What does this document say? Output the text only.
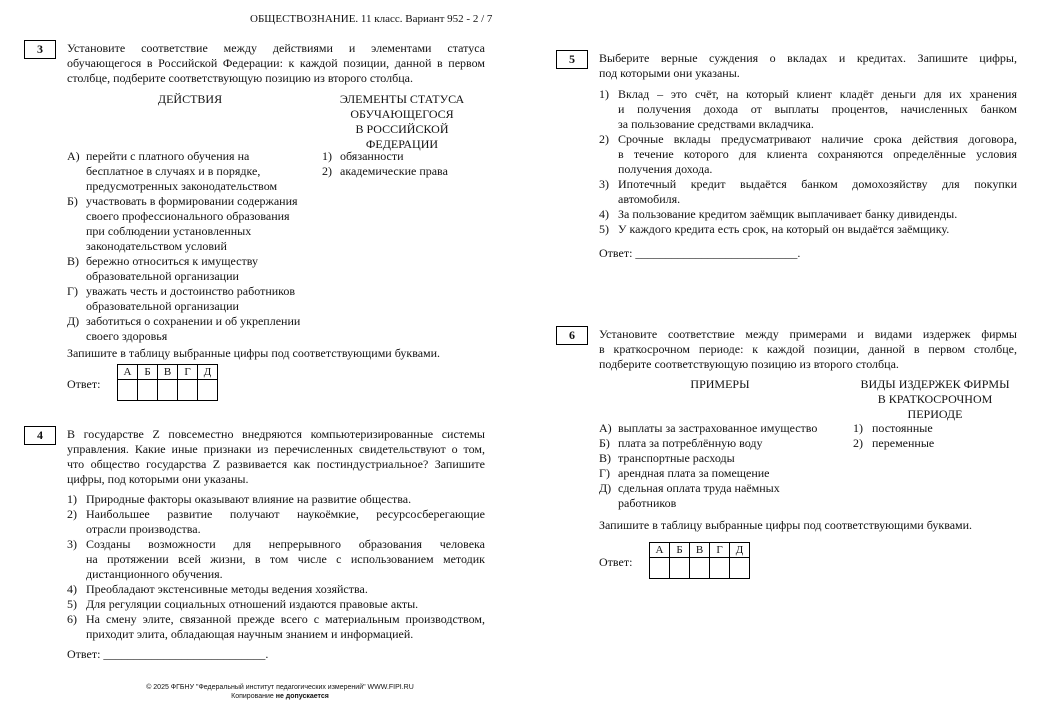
ОБЩЕСТВОЗНАНИЕ. 11 класс. Вариант 952 - 2 / 7
3	Установите соответствие между действиями и элементами статуса

обучающегося в Российской Федерации: к каждой позиции, данной в первом

столбце, подберите соответствующую позицию из второго столбца.

ДЕЙСТВИЯ	ЭЛЕМЕНТЫ СТАТУСА
ОБУЧАЮЩЕГОСЯ
В РОССИЙСКОЙ
ФЕДЕРАЦИИ
А) перейти с платного обучения на
бесплатное в случаях и в порядке,
предусмотренных законодательством
Б) участвовать в формировании содержания
своего профессионального образования
при соблюдении установленных
законодательством условий
В) бережно относиться к имуществу
образовательной организации
Г) уважать честь и достоинство работников
образовательной организации
Д) заботиться о сохранении и об укреплении
своего здоровья
1) обязанности
2) академические права
Запишите в таблицу выбранные цифры под соответствующими буквами.
Ответ:
А	Б	В	Г	Д

4	В государстве Z повсеместно внедряются компьютеризированные системы

управления. Какие иные признаки из перечисленных свидетельствуют о том,

что общество государства Z развивается как постиндустриальное? Запишите

цифры, под которыми они указаны.

1) Природные факторы оказывают влияние на развитие общества.
2) Наибольшее развитие получают наукоёмкие, ресурсосберегающие
отрасли производства.
3) Созданы возможности для непрерывного образования человека
на протяжении всей жизни, в том числе с использованием методик
дистанционного обучения.
4) Преобладают экстенсивные методы ведения хозяйства.
5) Для регуляции социальных отношений издаются правовые акты.
6) На смену элите, связанной прежде всего с материальным производством,
приходит элита, обладающая научным знанием и информацией.
Ответ: ___________________________.
5	Выберите верные суждения о вкладах и кредитах. Запишите цифры,

под которыми они указаны.

1) Вклад – это счёт, на который клиент кладёт деньги для их хранения
и получения дохода от выплаты процентов, начисленных банком
за пользование средствами вкладчика.
2) Срочные вклады предусматривают наличие срока действия договора,
в течение которого для клиента сохраняются определённые условия
получения дохода.
3) Ипотечный кредит выдаётся банком домохозяйству для покупки
автомобиля.
4) За пользование кредитом заёмщик выплачивает банку дивиденды.
5) У каждого кредита есть срок, на который он выдаётся заёмщику.
Ответ: ___________________________.
6	Установите соответствие между примерами и видами издержек фирмы

в краткосрочном периоде: к каждой позиции, данной в первом столбце,

подберите соответствующую позицию из второго столбца.

ПРИМЕРЫ	ВИДЫ ИЗДЕРЖЕК ФИРМЫ
В КРАТКОСРОЧНОМ
ПЕРИОДЕ
А) выплаты за застрахованное имущество
Б) плата за потреблённую воду
В) транспортные расходы
Г) арендная плата за помещение
Д) сдельная оплата труда наёмных
работников
1) постоянные
2) переменные
Запишите в таблицу выбранные цифры под соответствующими буквами.
Ответ:
А	Б	В	Г	Д

© 2025 ФГБНУ "Федеральный институт педагогических измерений" WWW.FIPI.RU
Копирование не допускается
